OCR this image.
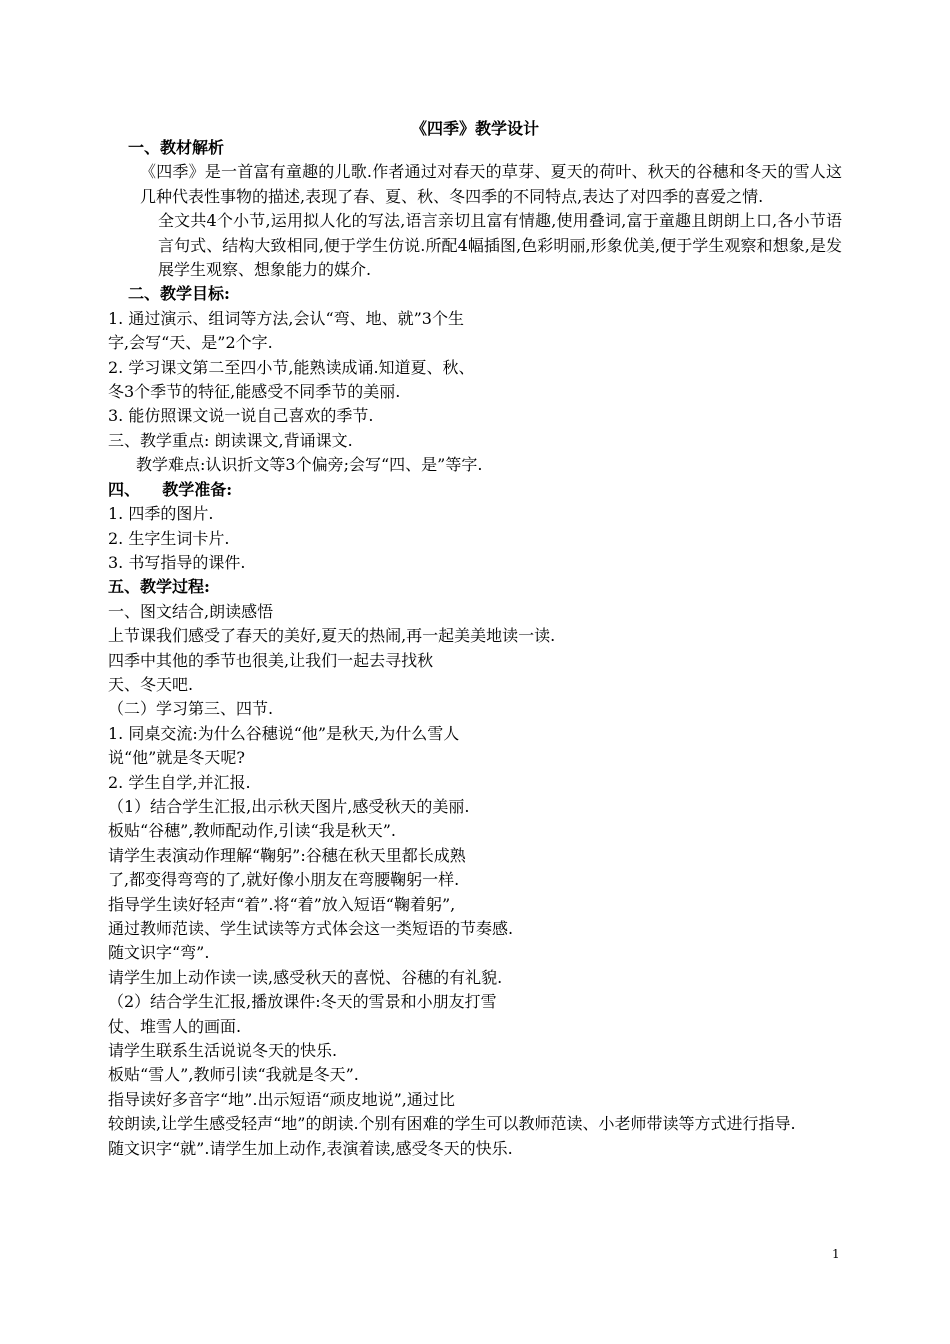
《四季》教学设计

一、教材解析

《四季》是一首富有童趣的儿歌.作者通过对春天的草芽、夏天的荷叶、秋天的谷穗和冬天的雪人这几种代表性事物的描述,表现了春、夏、秋、冬四季的不同特点,表达了对四季的喜爱之情.

全文共4个小节,运用拟人化的写法,语言亲切且富有情趣,使用叠词,富于童趣且朗朗上口,各小节语言句式、结构大致相同,便于学生仿说.所配4幅插图,色彩明丽,形象优美,便于学生观察和想象,是发展学生观察、想象能力的媒介.

二、教学目标:

1. 通过演示、组词等方法,会认“弯、地、就”3个生

字,会写“天、是”2个字.

2. 学习课文第二至四小节,能熟读成诵.知道夏、秋、

冬3个季节的特征,能感受不同季节的美丽.

3. 能仿照课文说一说自己喜欢的季节.

三、教学重点: 朗读课文,背诵课文.

教学难点:认识折文等3个偏旁;会写“四、是”等字.

四、    教学准备:

1. 四季的图片.

2. 生字生词卡片.

3. 书写指导的课件.

五、教学过程:

一、图文结合,朗读感悟

上节课我们感受了春天的美好,夏天的热闹,再一起美美地读一读.

四季中其他的季节也很美,让我们一起去寻找秋

天、冬天吧.

（二）学习第三、四节.

1. 同桌交流:为什么谷穗说“他”是秋天,为什么雪人

说“他”就是冬天呢?

2. 学生自学,并汇报.

（1）结合学生汇报,出示秋天图片,感受秋天的美丽.

板贴“谷穗”,教师配动作,引读“我是秋天”.

请学生表演动作理解“鞠躬”:谷穗在秋天里都长成熟

了,都变得弯弯的了,就好像小朋友在弯腰鞠躬一样.

指导学生读好轻声“着”.将“着”放入短语“鞠着躬”,

通过教师范读、学生试读等方式体会这一类短语的节奏感.

随文识字“弯”.

请学生加上动作读一读,感受秋天的喜悦、谷穗的有礼貌.

（2）结合学生汇报,播放课件:冬天的雪景和小朋友打雪

仗、堆雪人的画面.

请学生联系生活说说冬天的快乐.

板贴“雪人”,教师引读“我就是冬天”.

指导读好多音字“地”.出示短语“顽皮地说”,通过比

较朗读,让学生感受轻声“地”的朗读.个别有困难的学生可以教师范读、小老师带读等方式进行指导.

随文识字“就”.请学生加上动作,表演着读,感受冬天的快乐.

1
